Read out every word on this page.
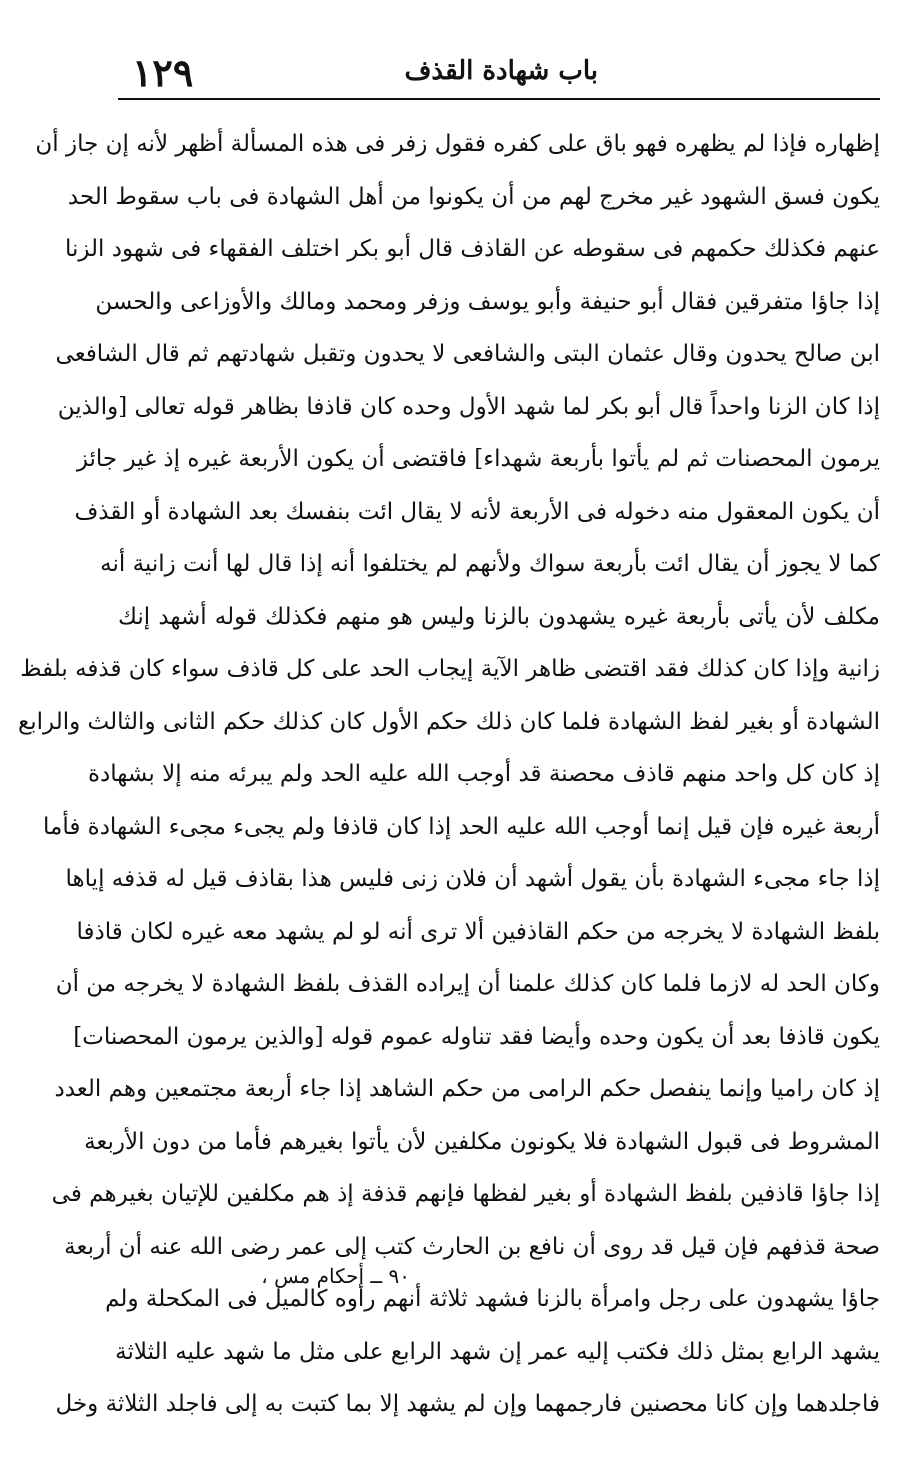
١٢٩	باب شهادة القذف
إظهاره فإذا لم يظهره فهو باق على كفره فقول زفر فى هذه المسألة أظهر لأنه إن جاز أن
يكون فسق الشهود غير مخرج لهم من أن يكونوا من أهل الشهادة فى باب سقوط الحد
عنهم فكذلك حكمهم فى سقوطه عن القاذف قال أبو بكر اختلف الفقهاء فى شهود الزنا
إذا جاؤا متفرقين فقال أبو حنيفة وأبو يوسف وزفر ومحمد ومالك والأوزاعى والحسن
ابن صالح يحدون وقال عثمان البتى والشافعى لا يحدون وتقبل شهادتهم ثم قال الشافعى
إذا كان الزنا واحداً قال أبو بكر لما شهد الأول وحده كان قاذفا بظاهر قوله تعالى [والذين
يرمون المحصنات ثم لم يأتوا بأربعة شهداء] فاقتضى أن يكون الأربعة غيره إذ غير جائز
أن يكون المعقول منه دخوله فى الأربعة لأنه لا يقال ائت بنفسك بعد الشهادة أو القذف
كما لا يجوز أن يقال ائت بأربعة سواك ولأنهم لم يختلفوا أنه إذا قال لها أنت زانية أنه
مكلف لأن يأتى بأربعة غيره يشهدون بالزنا وليس هو منهم فكذلك قوله أشهد إنك
زانية وإذا كان كذلك فقد اقتضى ظاهر الآية إيجاب الحد على كل قاذف سواء كان قذفه بلفظ
الشهادة أو بغير لفظ الشهادة فلما كان ذلك حكم الأول كان كذلك حكم الثانى والثالث والرابع
إذ كان كل واحد منهم قاذف محصنة قد أوجب الله عليه الحد ولم يبرئه منه إلا بشهادة
أربعة غيره فإن قيل إنما أوجب الله عليه الحد إذا كان قاذفا ولم يجىء مجىء الشهادة فأما
إذا جاء مجىء الشهادة بأن يقول أشهد أن فلان زنى فليس هذا بقاذف قيل له قذفه إياها
بلفظ الشهادة لا يخرجه من حكم القاذفين ألا ترى أنه لو لم يشهد معه غيره لكان قاذفا
وكان الحد له لازما فلما كان كذلك علمنا أن إيراده القذف بلفظ الشهادة لا يخرجه من أن
يكون قاذفا بعد أن يكون وحده وأيضا فقد تناوله عموم قوله [والذين يرمون المحصنات]
إذ كان راميا وإنما ينفصل حكم الرامى من حكم الشاهد إذا جاء أربعة مجتمعين وهم العدد
المشروط فى قبول الشهادة فلا يكونون مكلفين لأن يأتوا بغيرهم فأما من دون الأربعة
إذا جاؤا قاذفين بلفظ الشهادة أو بغير لفظها فإنهم قذفة إذ هم مكلفين للإتيان بغيرهم فى
صحة قذفهم فإن قيل قد روى أن نافع بن الحارث كتب إلى عمر رضى الله عنه أن أربعة
جاؤا يشهدون على رجل وامرأة بالزنا فشهد ثلاثة أنهم رأوه كالميل فى المكحلة ولم
يشهد الرابع بمثل ذلك فكتب إليه عمر إن شهد الرابع على مثل ما شهد عليه الثلاثة
فاجلدهما وإن كانا محصنين فارجمهما وإن لم يشهد إلا بما كتبت به إلى فاجلد الثلاثة وخل
٩٠ ــ أحكام مس ،
